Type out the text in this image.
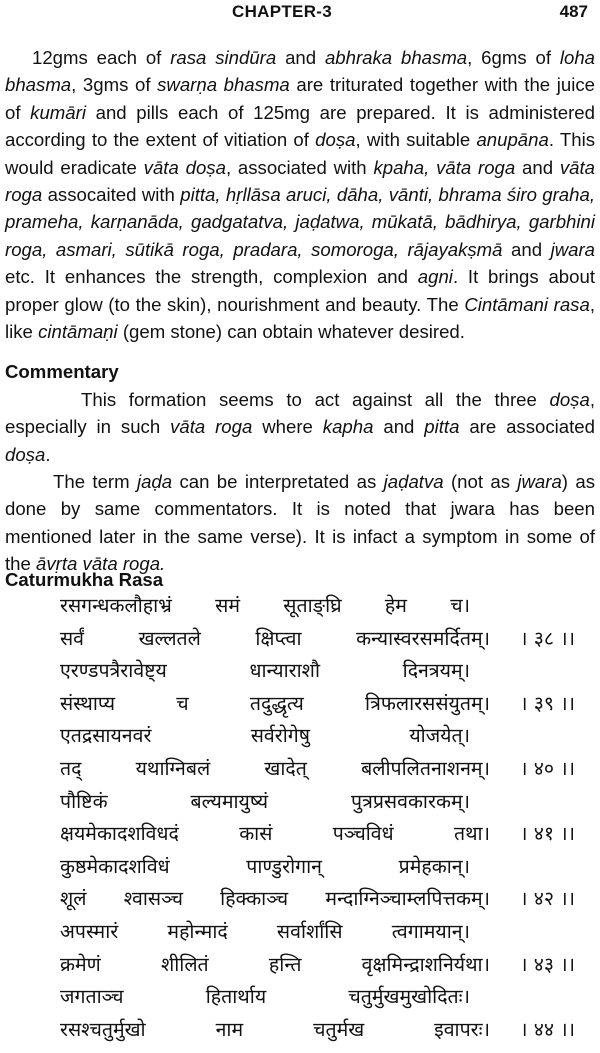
CHAPTER-3	487

12gms each of rasa sindūra and abhraka bhasma, 6gms of loha bhasma, 3gms of swarṇa bhasma are triturated together with the juice of kumāri and pills each of 125mg are prepared. It is administered according to the extent of vitiation of doṣa, with suitable anupāna. This would eradicate vāta doṣa, associated with kpaha, vāta roga and vāta roga assocaited with pitta, hṛllāsa aruci, dāha, vānti, bhrama śiro graha, prameha, karṇanāda, gadgatatva, jaḍatwa, mūkatā, bādhirya, garbhini roga, asmari, sūtikā roga, pradara, somoroga, rājayakṣmā and jwara etc. It enhances the strength, complexion and agni. It brings about proper glow (to the skin), nourishment and beauty. The Cintāmani rasa, like cintāmaṇi (gem stone) can obtain whatever desired.

Commentary

This formation seems to act against all the three doṣa, especially in such vāta roga where kapha and pitta are associated doṣa.

The term jaḍa can be interpretated as jaḍatva (not as jwara) as done by same commentators. It is noted that jwara has been mentioned later in the same verse). It is infact a symptom in some of the āvṛta vāta roga.

Caturmukha Rasa
रसगन्धकलौहाभ्रं समं सूताङ्घ्रि हेम च।
सर्वं खल्लतले क्षिप्त्वा कन्यास्वरसमर्दितम्। । ३८ ।।
एरण्डपत्रैरावेष्ट्य धान्याराशौ दिनत्रयम्।
संस्थाप्य च तदुद्धृत्य त्रिफलारससंयुतम्। । ३९ ।।
एतद्रसायनवरं सर्वरोगेषु योजयेत्।
तद् यथाग्निबलं खादेत् बलीपलितनाशनम्। । ४० ।।
पौष्टिकं बल्यमायुष्यं पुत्रप्रसवकारकम्।
क्षयमेकादशविधदं कासं पञ्चविधं तथा। । ४१ ।।
कुष्ठमेकादशविधं पाण्डुरोगान् प्रमेहकान्।
शूलं श्वासञ्च हिक्काञ्च मन्दाग्निञ्चाम्लपित्तकम्। । ४२ ।।
अपस्मारं महोन्मादं सर्वार्शांसि त्वगामयान्।
क्रमेणं शीलितं हन्ति वृक्षमिन्द्राशनिर्यथा। । ४३ ।।
जगताञ्च हितार्थाय चतुर्मुखमुखोदितः।
रसश्चतुर्मुखो नाम चतुर्मख इवापरः। । ४४ ।।
